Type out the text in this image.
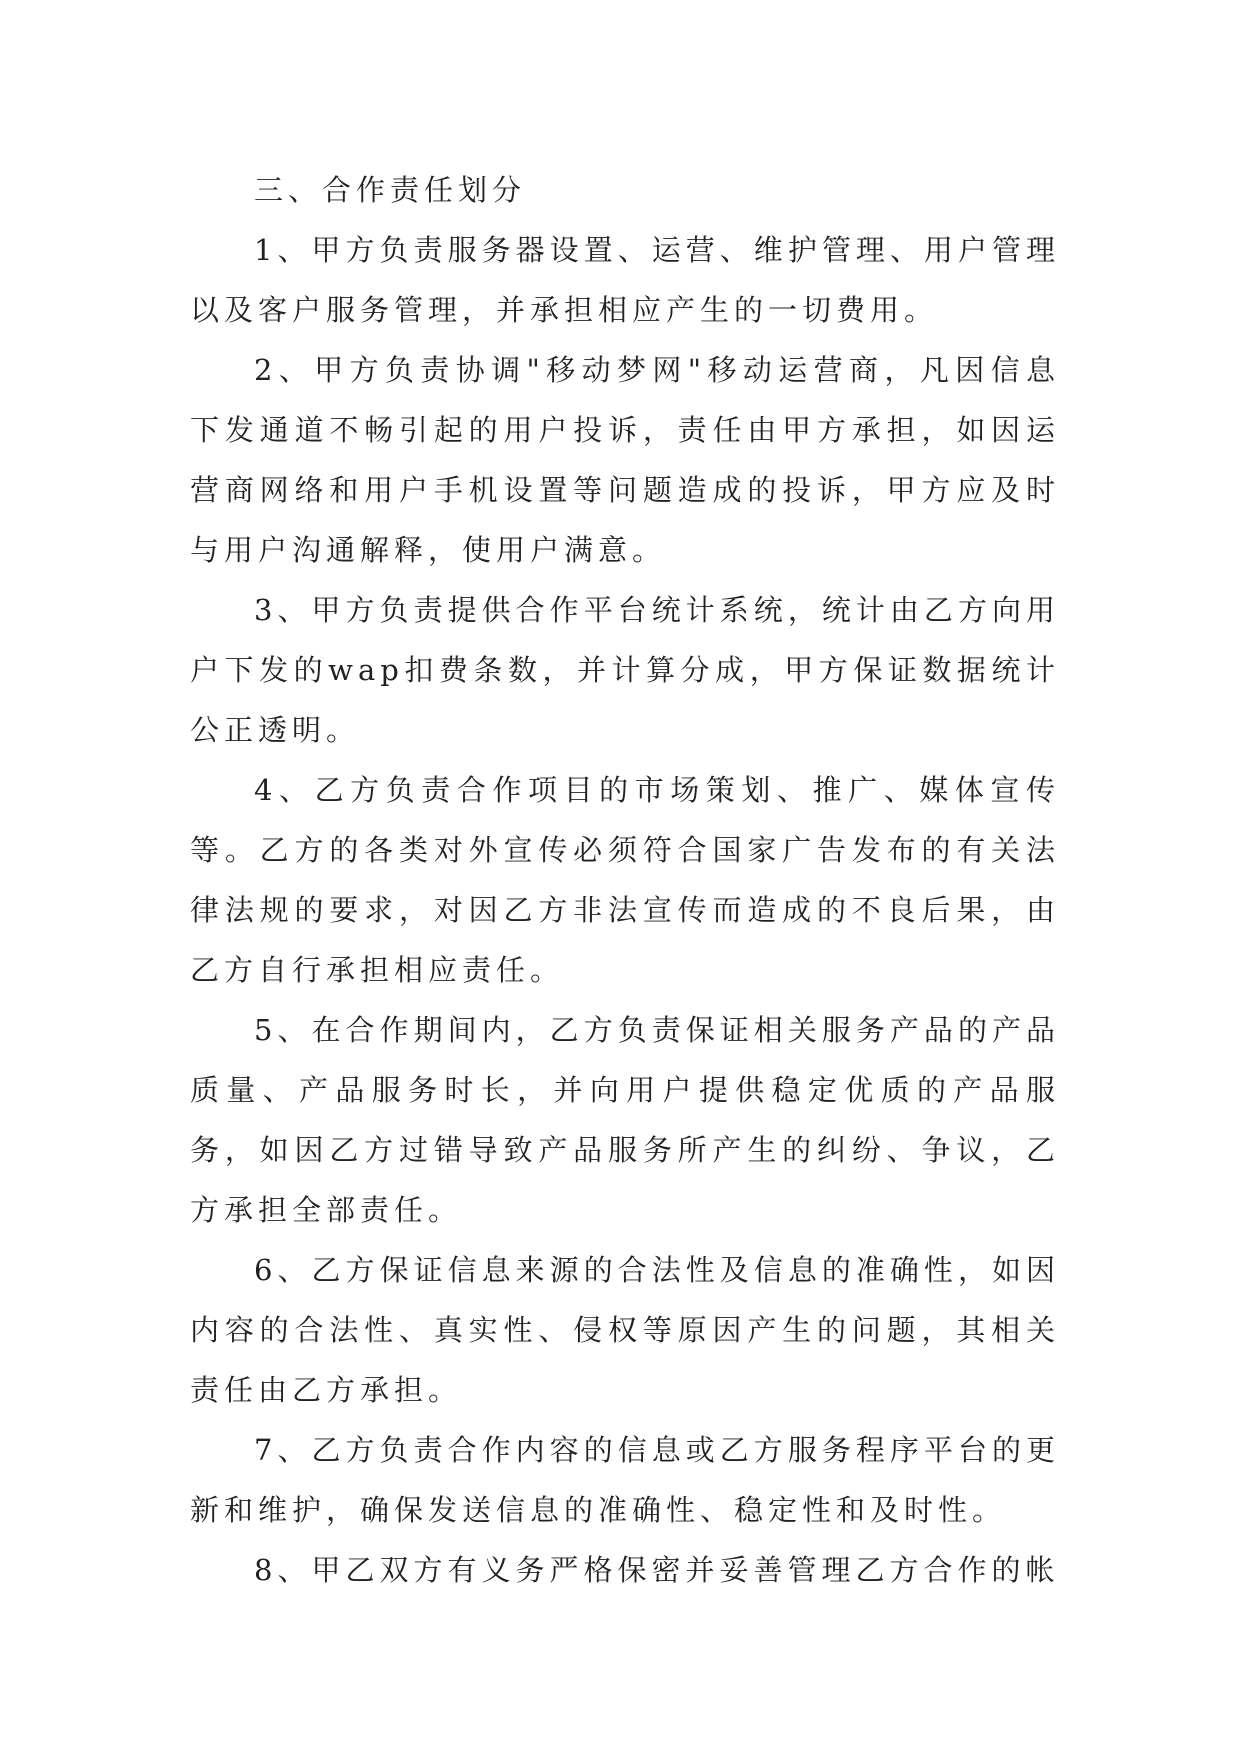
三、合作责任划分

1、甲方负责服务器设置、运营、维护管理、用户管理以及客户服务管理，并承担相应产生的一切费用。

2、甲方负责协调"移动梦网"移动运营商，凡因信息下发通道不畅引起的用户投诉，责任由甲方承担，如因运营商网络和用户手机设置等问题造成的投诉，甲方应及时与用户沟通解释，使用户满意。

3、甲方负责提供合作平台统计系统，统计由乙方向用户下发的wap扣费条数，并计算分成，甲方保证数据统计公正透明。

4、乙方负责合作项目的市场策划、推广、媒体宣传等。乙方的各类对外宣传必须符合国家广告发布的有关法律法规的要求，对因乙方非法宣传而造成的不良后果，由乙方自行承担相应责任。

5、在合作期间内，乙方负责保证相关服务产品的产品质量、产品服务时长，并向用户提供稳定优质的产品服务，如因乙方过错导致产品服务所产生的纠纷、争议，乙方承担全部责任。

6、乙方保证信息来源的合法性及信息的准确性，如因内容的合法性、真实性、侵权等原因产生的问题，其相关责任由乙方承担。

7、乙方负责合作内容的信息或乙方服务程序平台的更新和维护，确保发送信息的准确性、稳定性和及时性。

8、甲乙双方有义务严格保密并妥善管理乙方合作的帐
